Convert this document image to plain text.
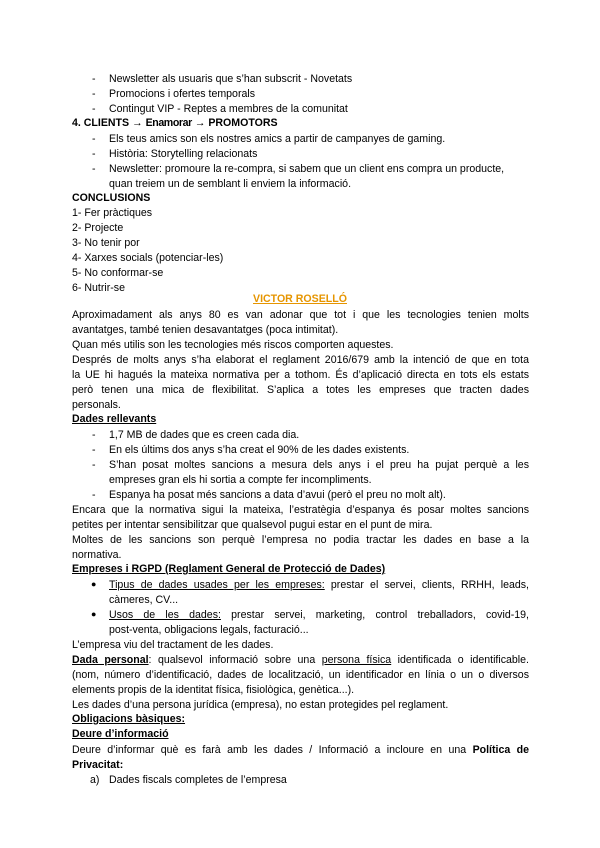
- Newsletter als usuaris que s’han subscrit - Novetats
- Promocions i ofertes temporals
- Contingut VIP - Reptes a membres de la comunitat
4. CLIENTS → Enamorar → PROMOTORS
- Els teus amics son els nostres amics a partir de campanyes de gaming.
- Història: Storytelling relacionats
- Newsletter: promoure la re-compra, si sabem que un client ens compra un producte,
quan treiem un de semblant li enviem la informació.
CONCLUSIONS
1- Fer pràctiques
2- Projecte
3- No tenir por
4- Xarxes socials (potenciar-les)
5- No conformar-se
6- Nutrir-se
VICTOR ROSELLÓ
Aproximadament als anys 80 es van adonar que tot i que les tecnologies tenien molts
avantatges, també tenien desavantatges (poca intimitat).
Quan més utilis son les tecnologies més riscos comporten aquestes.
Després de molts anys s’ha elaborat el reglament 2016/679 amb la intenció de que en tota
la UE hi hagués la mateixa normativa per a tothom. És d’aplicació directa en tots els estats
però tenen una mica de flexibilitat. S’aplica a totes les empreses que tracten dades
personals.
Dades rellevants
- 1,7 MB de dades que es creen cada dia.
- En els últims dos anys s’ha creat el 90% de les dades existents.
- S’han posat moltes sancions a mesura dels anys i el preu ha pujat perquè a les
empreses gran els hi sortia a compte fer incompliments.
- Espanya ha posat més sancions a data d’avui (però el preu no molt alt).
Encara que la normativa sigui la mateixa, l’estratègia d’espanya és posar moltes sancions
petites per intentar sensibilitzar que qualsevol pugui estar en el punt de mira.
Moltes de les sancions son perquè l’empresa no podia tractar les dades en base a la
normativa.
Empreses i RGPD (Reglament General de Protecció de Dades)
● Tipus de dades usades per les empreses: prestar el servei, clients, RRHH, leads,
càmeres, CV...
● Usos de les dades: prestar servei, marketing, control treballadors, covid-19,
post-venta, obligacions legals, facturació...
L’empresa viu del tractament de les dades.
Dada personal: qualsevol informació sobre una persona física identificada o identificable.
(nom, número d’identificació, dades de localització, un identificador en línia o un o diversos
elements propis de la identitat física, fisiològica, genètica...).
Les dades d’una persona jurídica (empresa), no estan protegides pel reglament.
Obligacions bàsiques:
Deure d’informació
Deure d’informar què es farà amb les dades / Informació a incloure en una Política de
Privacitat:
a) Dades fiscals completes de l’empresa
